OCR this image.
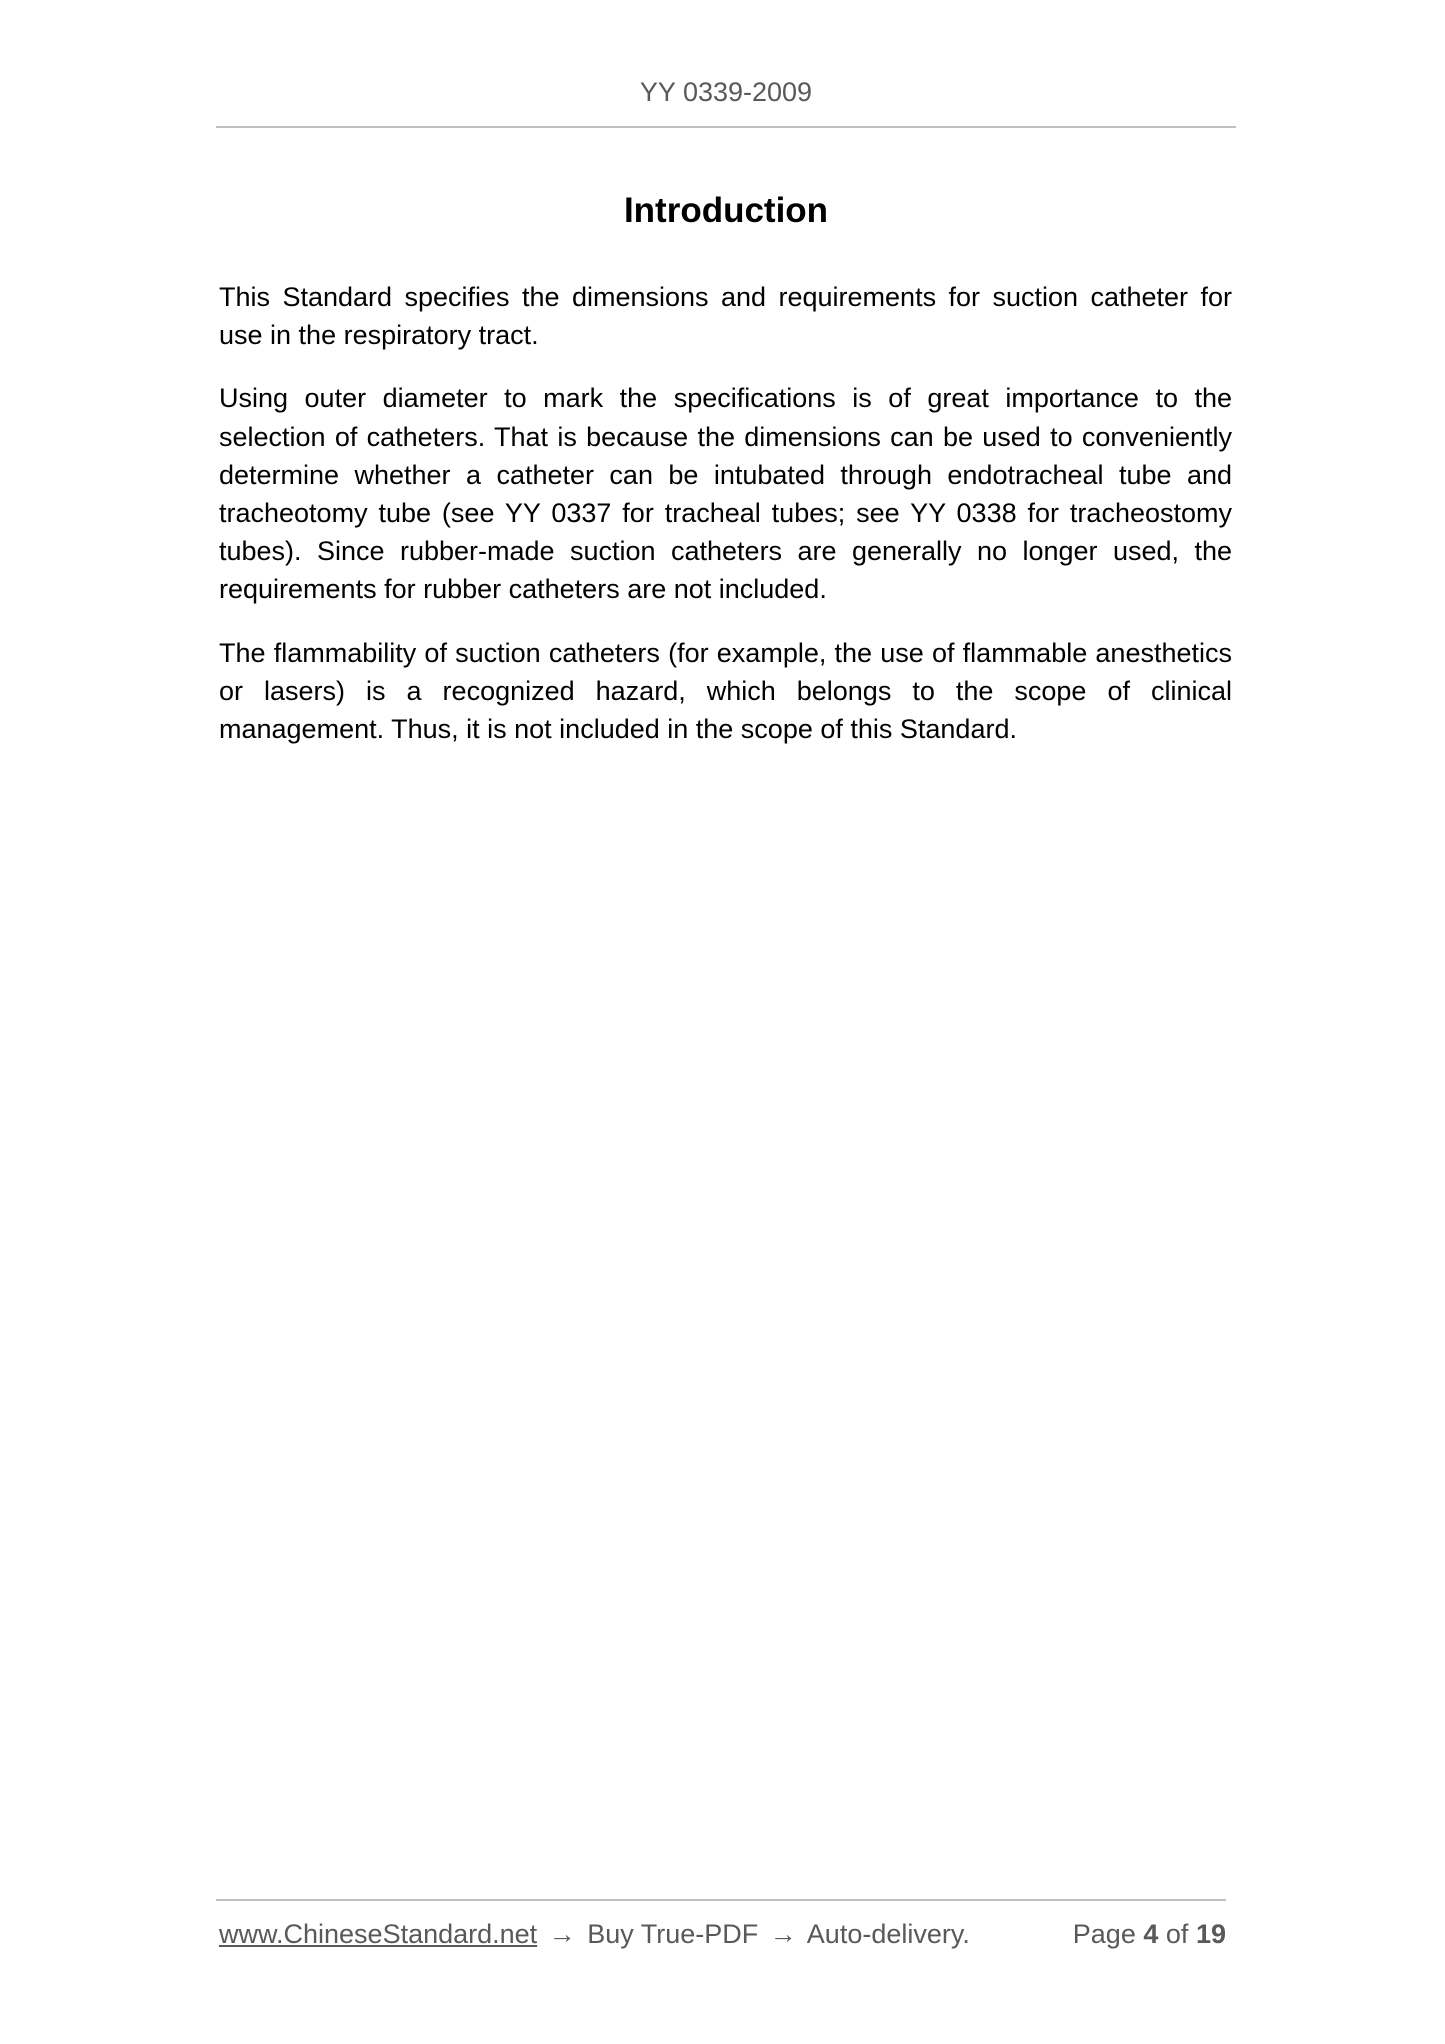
YY 0339-2009
Introduction

This Standard specifies the dimensions and requirements for suction catheter for use in the respiratory tract.

Using outer diameter to mark the specifications is of great importance to the selection of catheters. That is because the dimensions can be used to conveniently determine whether a catheter can be intubated through endotracheal tube and tracheotomy tube (see YY 0337 for tracheal tubes; see YY 0338 for tracheostomy tubes). Since rubber-made suction catheters are generally no longer used, the requirements for rubber catheters are not included.

The flammability of suction catheters (for example, the use of flammable anesthetics or lasers) is a recognized hazard, which belongs to the scope of clinical management. Thus, it is not included in the scope of this Standard.

www.ChineseStandard.net → Buy True-PDF → Auto-delivery.	Page 4 of 19
